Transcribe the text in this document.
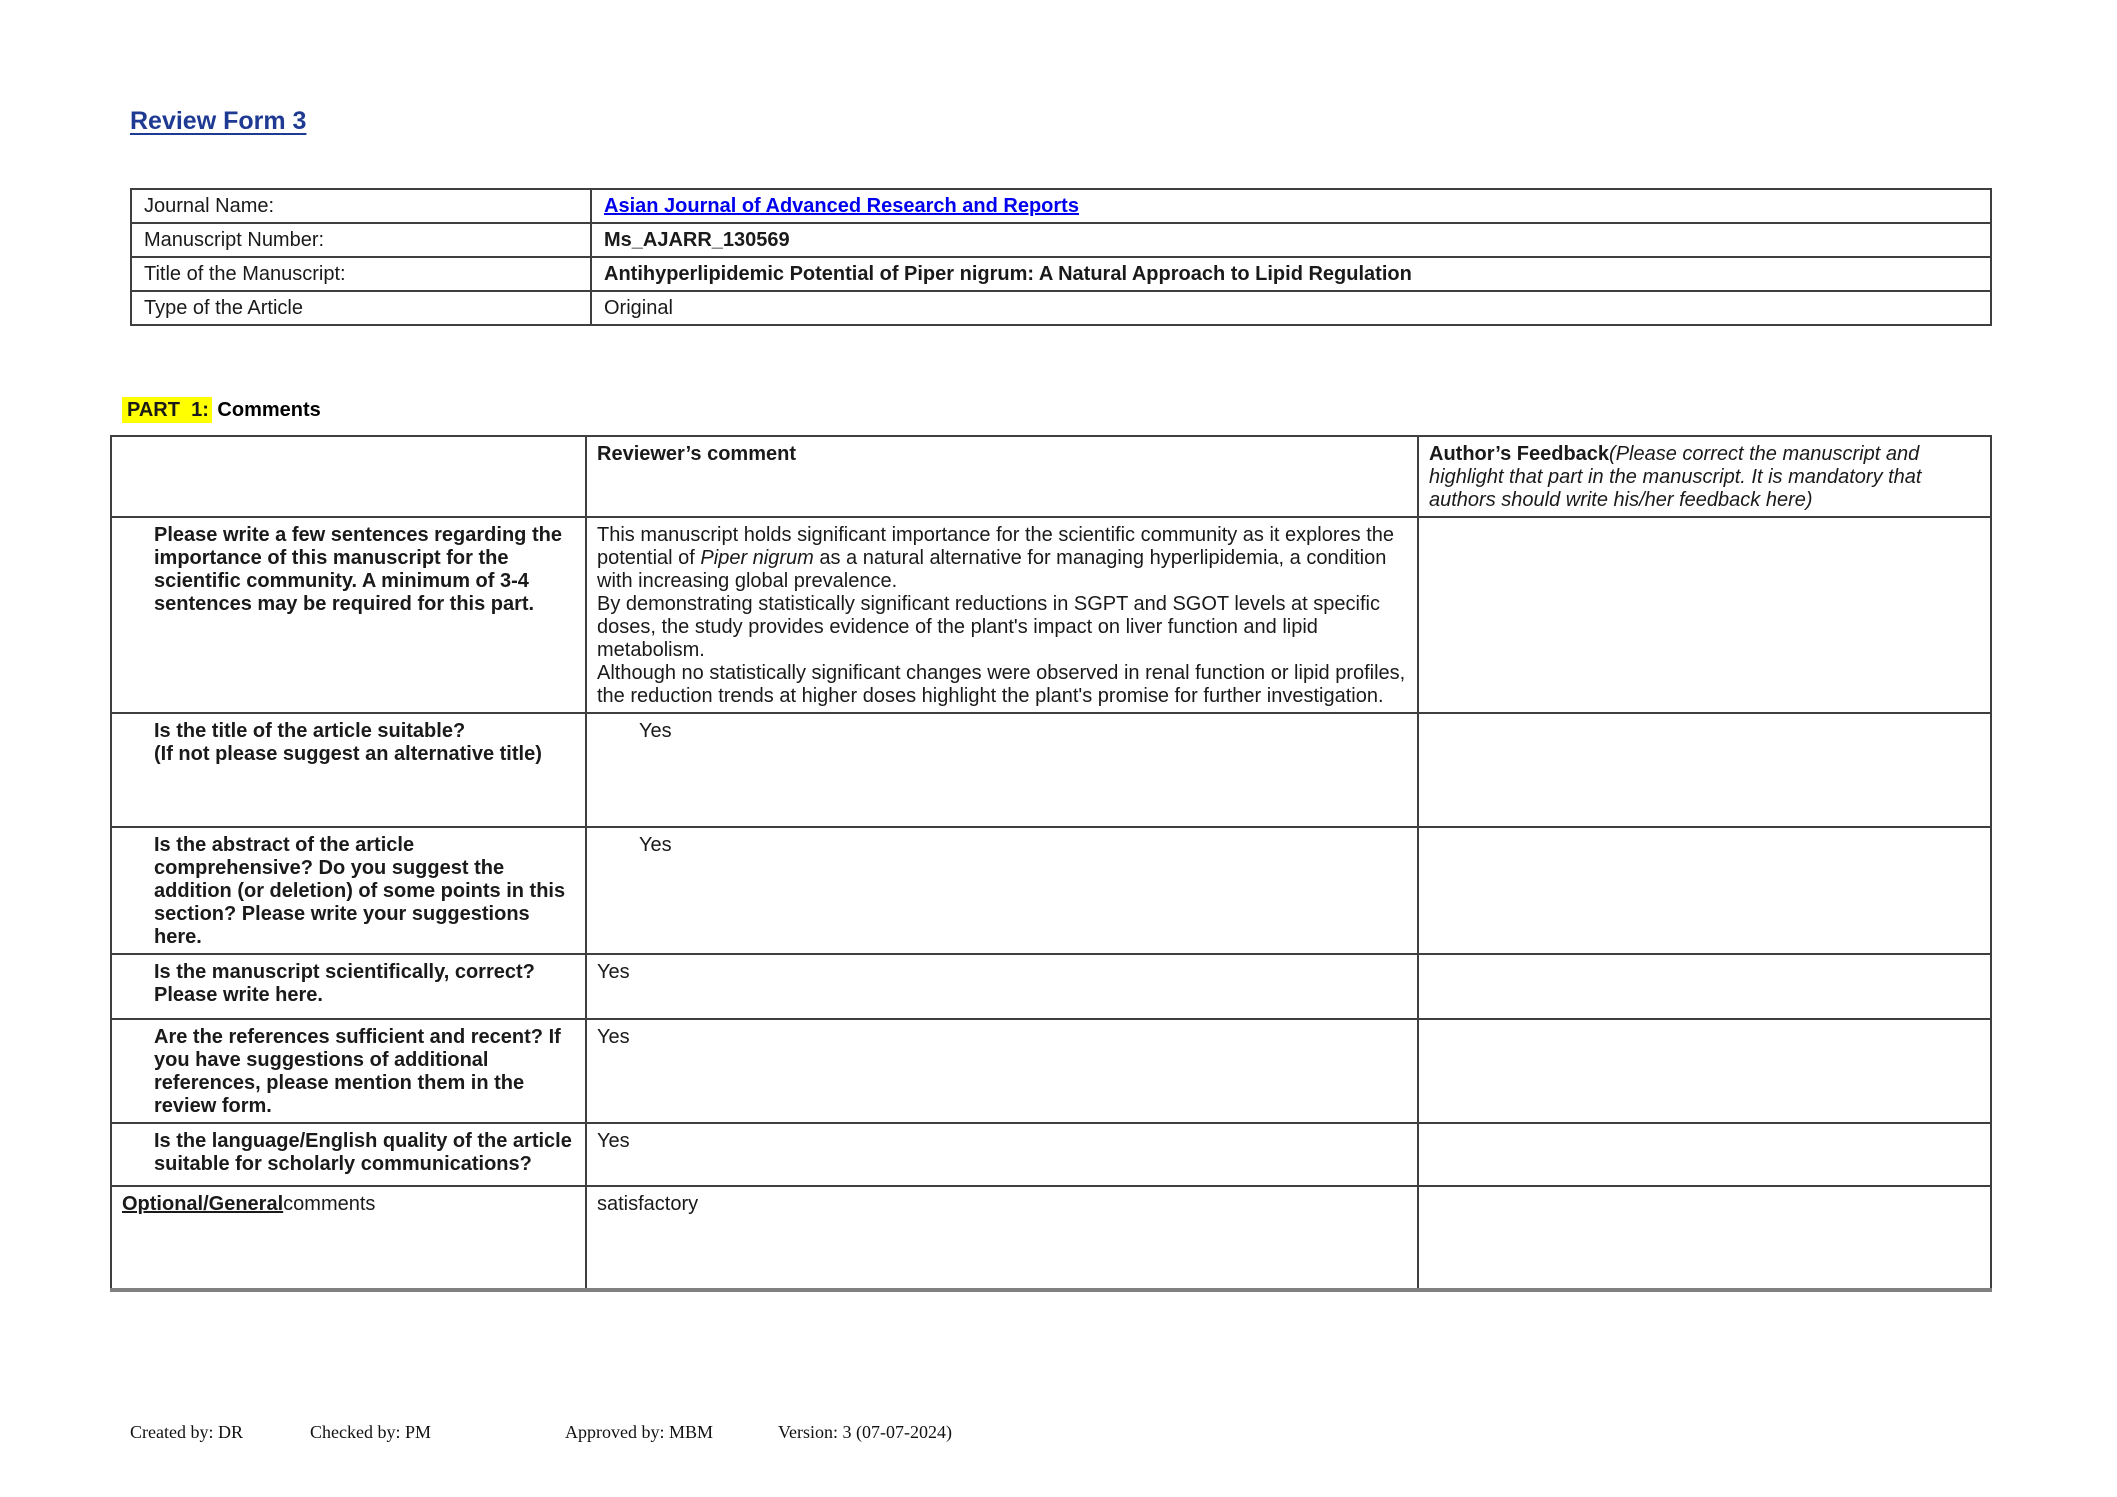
Review Form 3
Journal Name:	Asian Journal of Advanced Research and Reports
Manuscript Number:	Ms_AJARR_130569
Title of the Manuscript:	Antihyperlipidemic Potential of Piper nigrum: A Natural Approach to Lipid Regulation
Type of the Article	Original
PART  1: Comments
	Reviewer’s comment	Author’s Feedback(Please correct the manuscript and highlight that part in the manuscript. It is mandatory that authors should write his/her feedback here)
Please write a few sentences regarding the importance of this manuscript for the scientific community. A minimum of 3-4 sentences may be required for this part.	This manuscript holds significant importance for the scientific community as it explores the potential of Piper nigrum as a natural alternative for managing hyperlipidemia, a condition with increasing global prevalence.
By demonstrating statistically significant reductions in SGPT and SGOT levels at specific doses, the study provides evidence of the plant's impact on liver function and lipid metabolism.
Although no statistically significant changes were observed in renal function or lipid profiles, the reduction trends at higher doses highlight the plant's promise for further investigation.	

Is the title of the article suitable?
(If not please suggest an alternative title)	Yes	
Is the abstract of the article comprehensive? Do you suggest the addition (or deletion) of some points in this section? Please write your suggestions here.	Yes	
Is the manuscript scientifically, correct? Please write here.	Yes	
Are the references sufficient and recent? If you have suggestions of additional references, please mention them in the review form.	Yes	
Is the language/English quality of the article suitable for scholarly communications?	Yes	
Optional/Generalcomments	satisfactory	
Created by: DR	Checked by: PM	Approved by: MBM	Version: 3 (07-07-2024)
